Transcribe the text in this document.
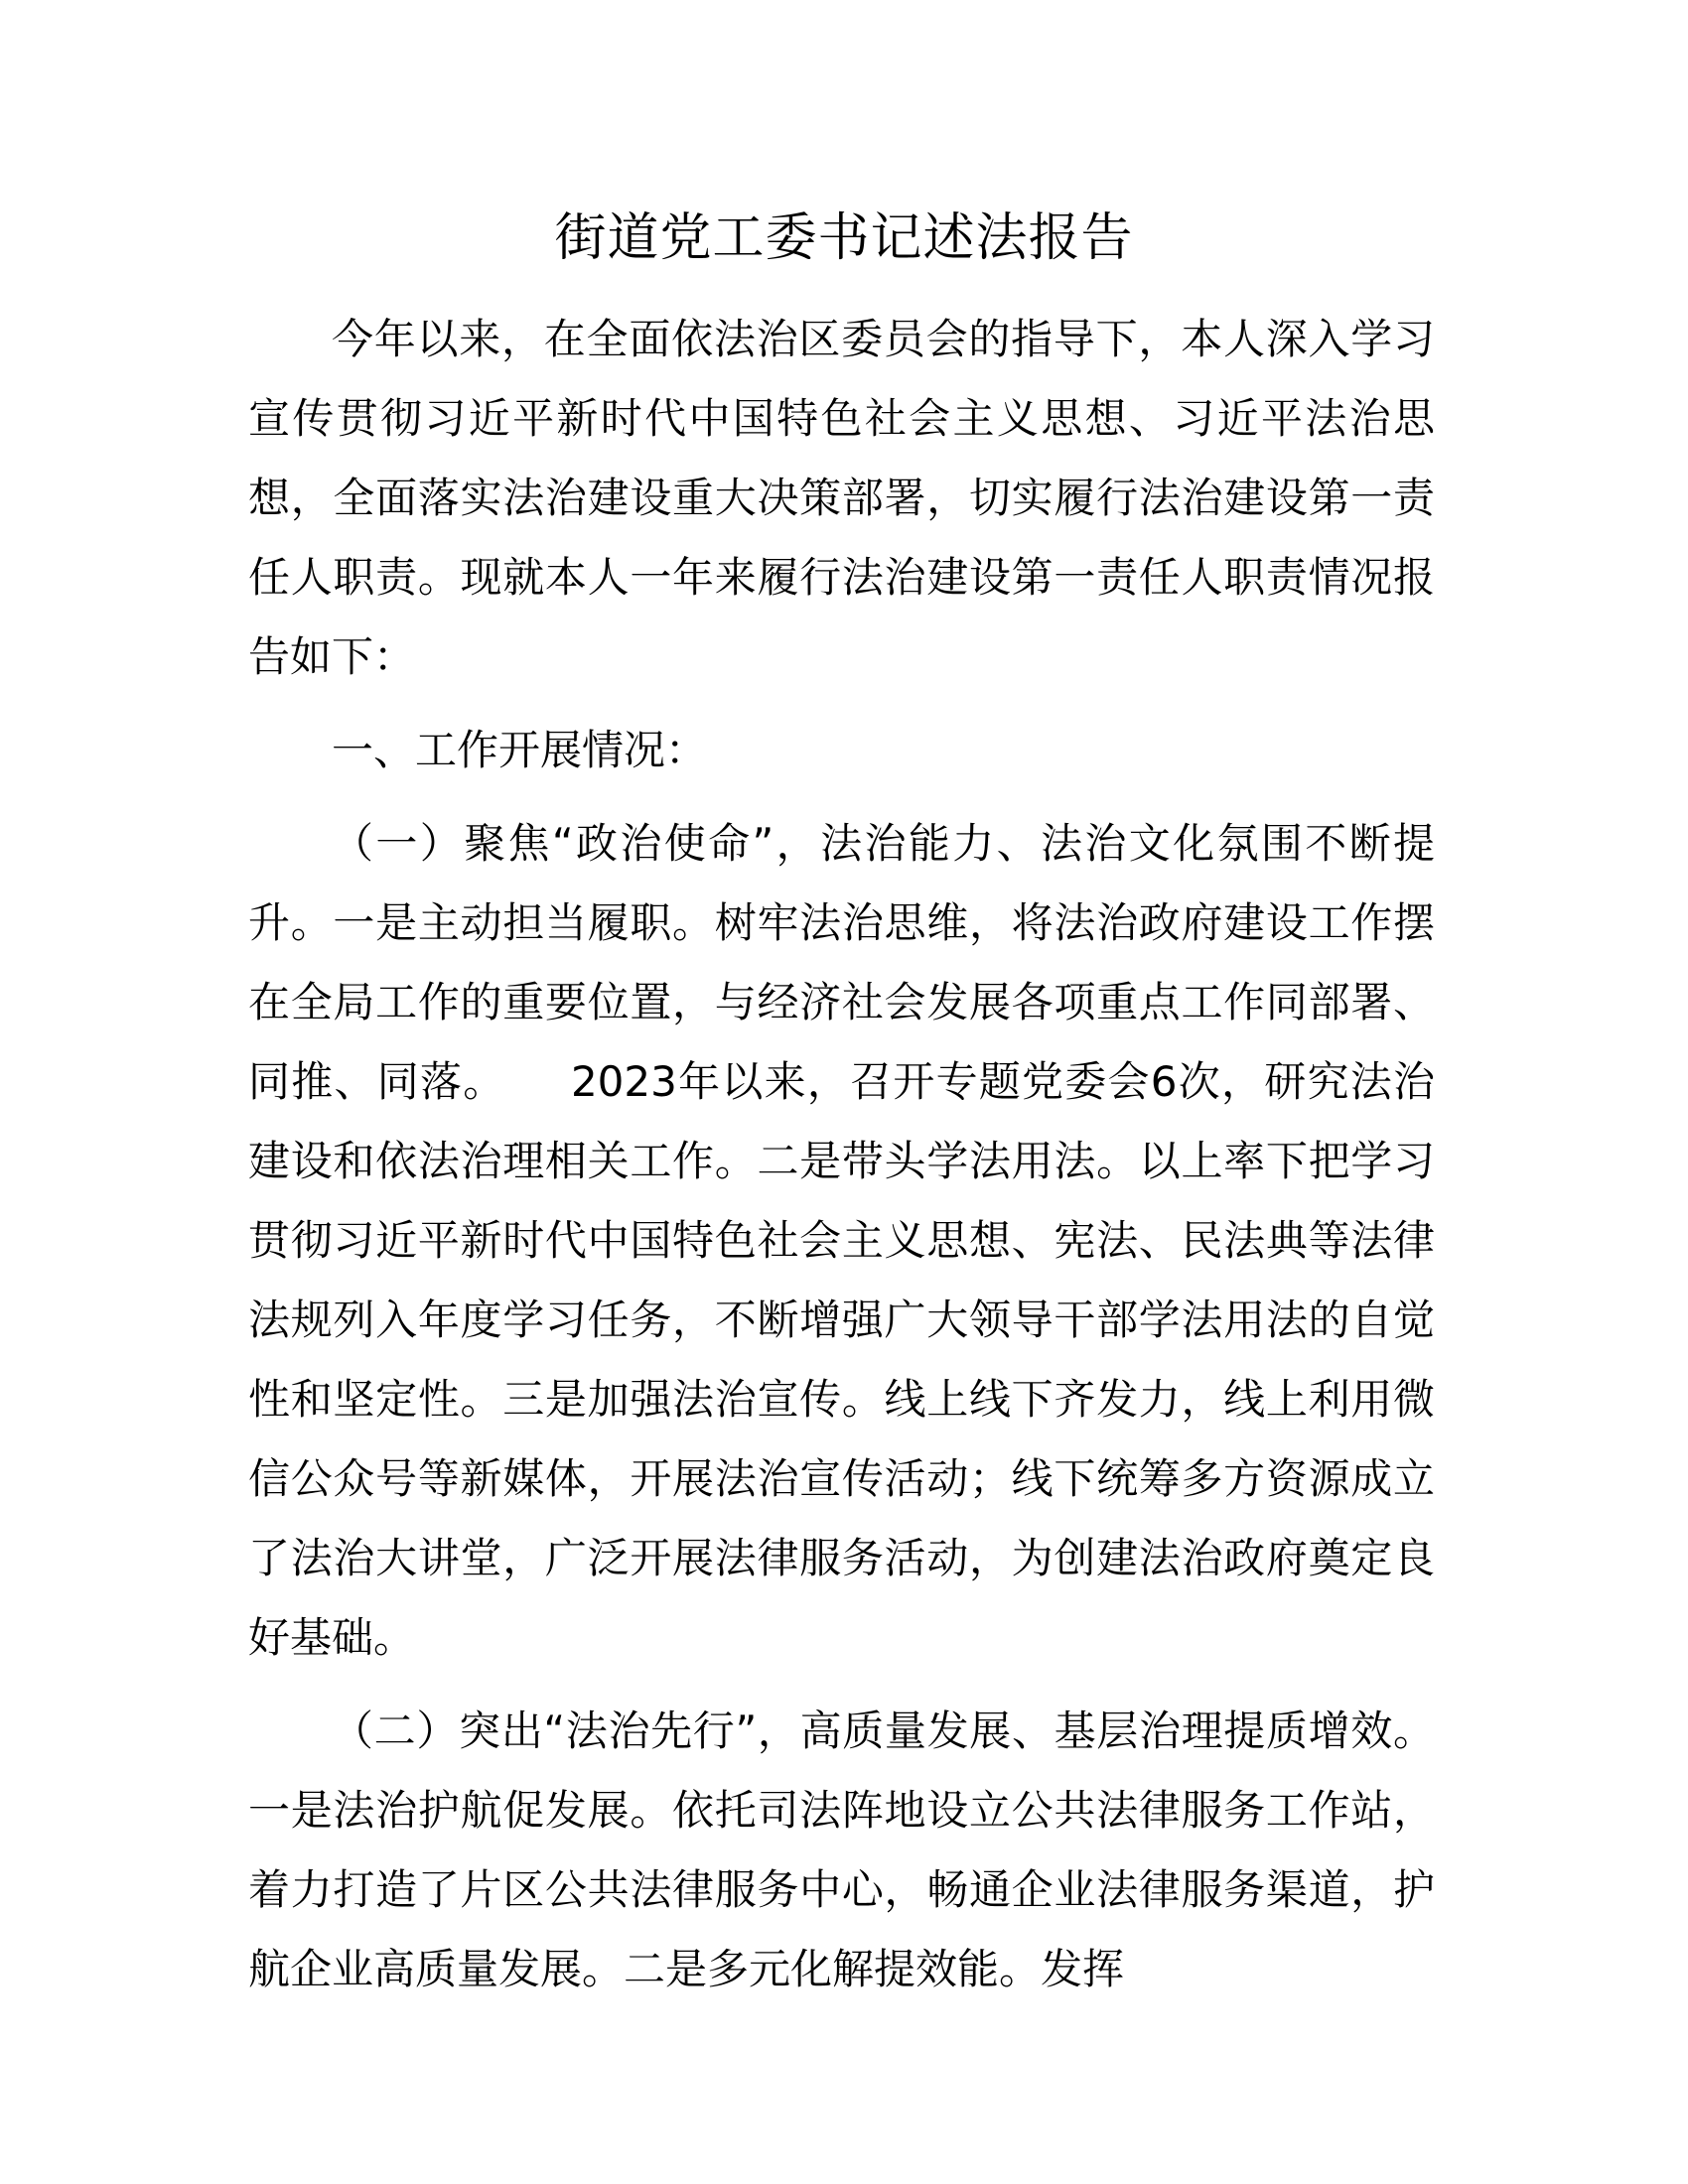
街道党工委书记述法报告

今年以来，在全面依法治区委员会的指导下，本人深入学习宣传贯彻习近平新时代中国特色社会主义思想、习近平法治思想，全面落实法治建设重大决策部署，切实履行法治建设第一责任人职责。现就本人一年来履行法治建设第一责任人职责情况报告如下：

一、工作开展情况：

（一）聚焦“政治使命”，法治能力、法治文化氛围不断提升。一是主动担当履职。树牢法治思维，将法治政府建设工作摆在全局工作的重要位置，与经济社会发展各项重点工作同部署、同推、同落。　　2023年以来，召开专题党委会6次，研究法治建设和依法治理相关工作。二是带头学法用法。以上率下把学习贯彻习近平新时代中国特色社会主义思想、宪法、民法典等法律法规列入年度学习任务，不断增强广大领导干部学法用法的自觉性和坚定性。三是加强法治宣传。线上线下齐发力，线上利用微信公众号等新媒体，开展法治宣传活动；线下统筹多方资源成立了法治大讲堂，广泛开展法律服务活动，为创建法治政府奠定良好基础。

（二）突出“法治先行”，高质量发展、基层治理提质增效。一是法治护航促发展。依托司法阵地设立公共法律服务工作站，着力打造了片区公共法律服务中心，畅通企业法律服务渠道，护航企业高质量发展。二是多元化解提效能。发挥
